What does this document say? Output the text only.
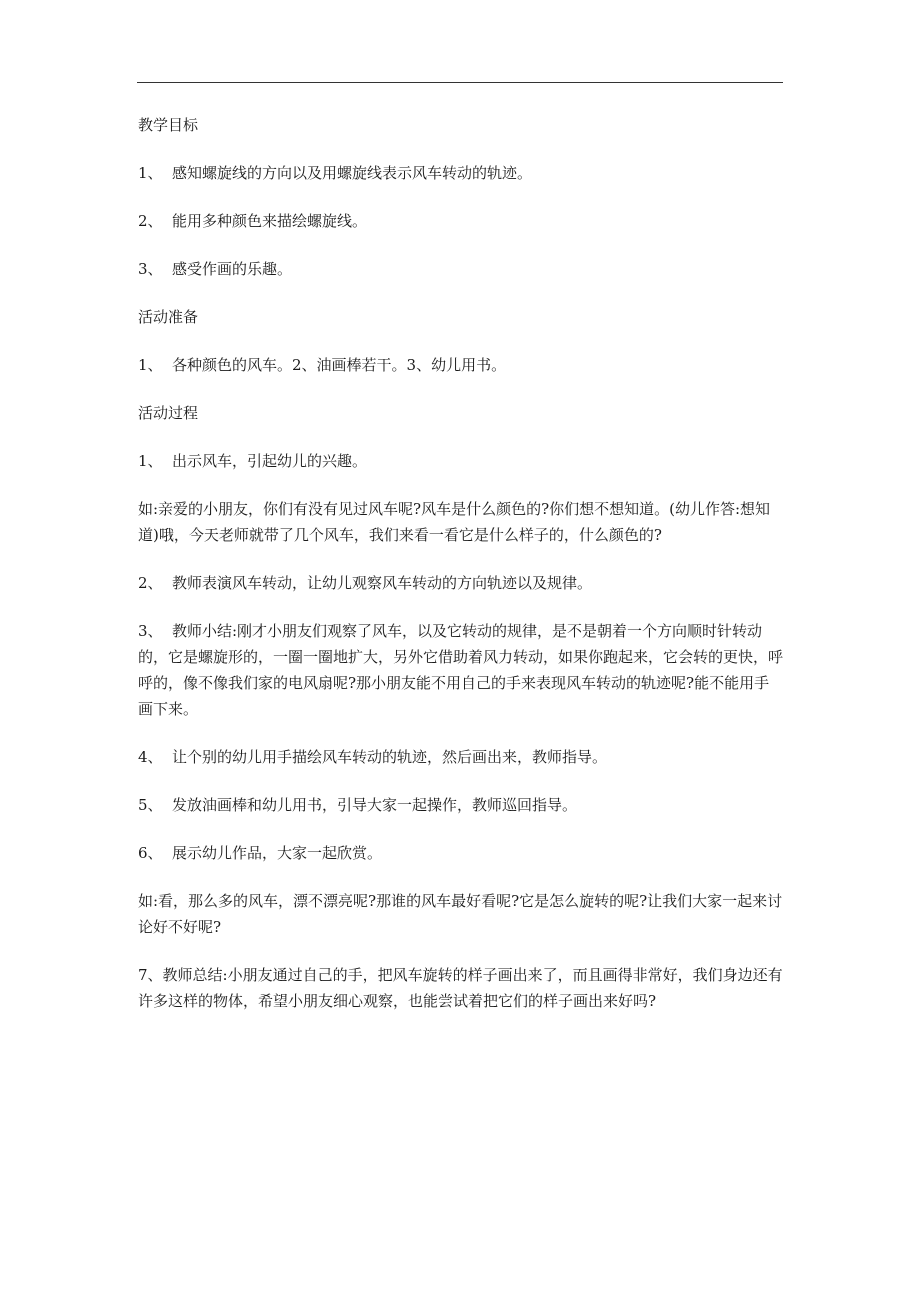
教学目标

1、 感知螺旋线的方向以及用螺旋线表示风车转动的轨迹。

2、 能用多种颜色来描绘螺旋线。

3、 感受作画的乐趣。

活动准备

1、 各种颜色的风车。2、油画棒若干。3、幼儿用书。

活动过程

1、 出示风车，引起幼儿的兴趣。

如:亲爱的小朋友，你们有没有见过风车呢?风车是什么颜色的?你们想不想知道。(幼儿作答:想知道)哦，今天老师就带了几个风车，我们来看一看它是什么样子的，什么颜色的?

2、 教师表演风车转动，让幼儿观察风车转动的方向轨迹以及规律。

3、 教师小结:刚才小朋友们观察了风车，以及它转动的规律，是不是朝着一个方向顺时针转动的，它是螺旋形的，一圈一圈地扩大，另外它借助着风力转动，如果你跑起来，它会转的更快，呼呼的，像不像我们家的电风扇呢?那小朋友能不用自己的手来表现风车转动的轨迹呢?能不能用手画下来。

4、 让个别的幼儿用手描绘风车转动的轨迹，然后画出来，教师指导。

5、 发放油画棒和幼儿用书，引导大家一起操作，教师巡回指导。

6、 展示幼儿作品，大家一起欣赏。

如:看，那么多的风车，漂不漂亮呢?那谁的风车最好看呢?它是怎么旋转的呢?让我们大家一起来讨论好不好呢?

7、教师总结:小朋友通过自己的手，把风车旋转的样子画出来了，而且画得非常好，我们身边还有许多这样的物体，希望小朋友细心观察，也能尝试着把它们的样子画出来好吗?
